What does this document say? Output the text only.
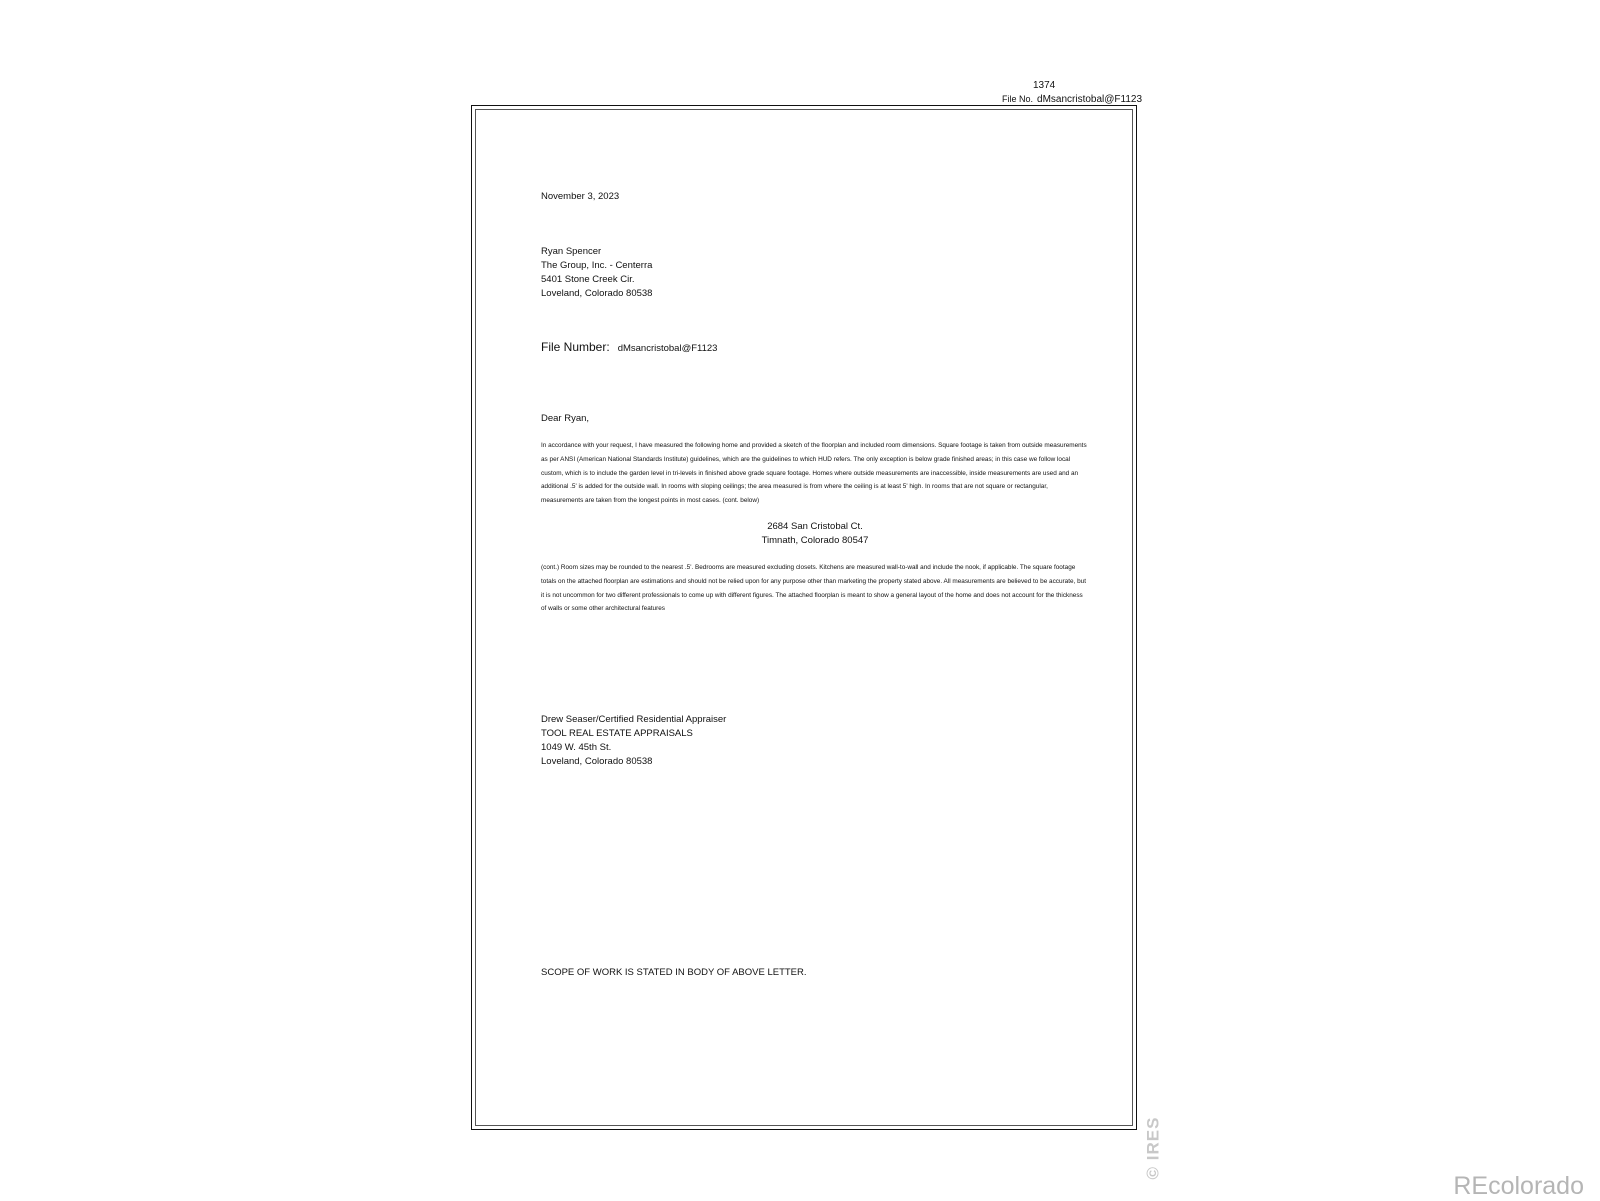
1374
File No. dMsancristobal@F1123
November 3, 2023
Ryan Spencer
The Group, Inc. - Centerra
5401 Stone Creek Cir.
Loveland, Colorado 80538
File Number: dMsancristobal@F1123
Dear Ryan,
In accordance with your request, I have measured the following home and provided a sketch of the floorplan and included room dimensions. Square footage is taken from outside measurements as per ANSI (American National Standards Institute) guidelines, which are the guidelines to which HUD refers. The only exception is below grade finished areas; in this case we follow local custom, which is to include the garden level in tri-levels in finished above grade square footage. Homes where outside measurements are inaccessible, inside measurements are used and an additional .5' is added for the outside wall. In rooms with sloping ceilings; the area measured is from where the ceiling is at least 5' high. In rooms that are not square or rectangular, measurements are taken from the longest points in most cases. (cont. below)
2684 San Cristobal Ct.
Timnath, Colorado 80547
(cont.) Room sizes may be rounded to the nearest .5'. Bedrooms are measured excluding closets. Kitchens are measured wall-to-wall and include the nook, if applicable. The square footage totals on the attached floorplan are estimations and should not be relied upon for any purpose other than marketing the property stated above. All measurements are believed to be accurate, but it is not uncommon for two different professionals to come up with different figures. The attached floorplan is meant to show a general layout of the home and does not account for the thickness of walls or some other architectural features
Drew Seaser/Certified Residential Appraiser
TOOL REAL ESTATE APPRAISALS
1049 W. 45th St.
Loveland, Colorado 80538
SCOPE OF WORK IS STATED IN BODY OF ABOVE LETTER.
© IRES
REcolorado
